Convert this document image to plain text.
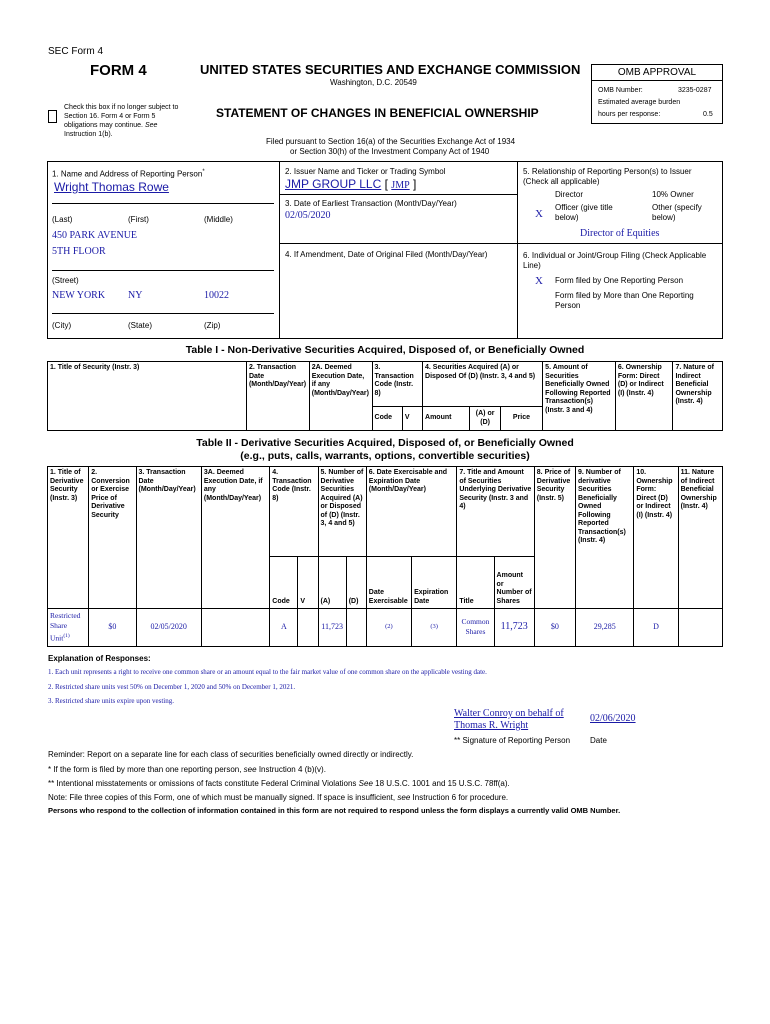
SEC Form 4
FORM 4	UNITED STATES SECURITIES AND EXCHANGE COMMISSION
Washington, D.C. 20549
Check this box if no longer subject to
Section 16. Form 4 or Form 5
obligations may continue. See
Instruction 1(b).
STATEMENT OF CHANGES IN BENEFICIAL OWNERSHIP
Filed pursuant to Section 16(a) of the Securities Exchange Act of 1934
or Section 30(h) of the Investment Company Act of 1940
OMB APPROVAL
OMB Number:	3235-0287
Estimated average burden
hours per response:	0.5
1. Name and Address of Reporting Person*
Wright Thomas Rowe
(Last)	(First)	(Middle)
450 PARK AVENUE
5TH FLOOR
(Street)
NEW YORK NY	10022
(City)	(State)	(Zip)
2. Issuer Name and Ticker or Trading Symbol
JMP GROUP LLC [ JMP ]
3. Date of Earliest Transaction (Month/Day/Year)
02/05/2020
4. If Amendment, Date of Original Filed (Month/Day/Year)
5. Relationship of Reporting Person(s) to Issuer
(Check all applicable)
Director	10% Owner
X
Officer (give title
below)
Other (specify
below)
Director of Equities
6. Individual or Joint/Group Filing (Check Applicable
Line)
X Form filed by One Reporting Person
Form filed by More than One Reporting
Person
Table I - Non-Derivative Securities Acquired, Disposed of, or Beneficially Owned
1. Title of Security (Instr. 3)	2. Transaction Date (Month/Day/Year)	2A. Deemed Execution Date, if any (Month/Day/Year)	3. Transaction Code (Instr. 8)		4. Securities Acquired (A) or Disposed Of (D) (Instr. 3, 4 and 5)			5. Amount of Securities Beneficially Owned Following Reported Transaction(s) (Instr. 3 and 4)	6. Ownership Form: Direct (D) or Indirect (I) (Instr. 4)	7. Nature of Indirect Beneficial Ownership (Instr. 4)
			Code	V	Amount	(A) or (D)	Price			
Table II - Derivative Securities Acquired, Disposed of, or Beneficially Owned
(e.g., puts, calls, warrants, options, convertible securities)
1. Title of Derivative Security (Instr. 3)	2. Conversion or Exercise Price of Derivative Security	3. Transaction Date (Month/Day/Year)	3A. Deemed Execution Date, if any (Month/Day/Year)	4. Transaction Code (Instr. 8)		5. Number of Derivative Securities Acquired (A) or Disposed of (D) (Instr. 3, 4 and 5)		6. Date Exercisable and Expiration Date (Month/Day/Year)		7. Title and Amount of Securities Underlying Derivative Security (Instr. 3 and 4)		8. Price of Derivative Security (Instr. 5)	9. Number of derivative Securities Beneficially Owned Following Reported Transaction(s) (Instr. 4)	10. Ownership Form: Direct (D) or Indirect (I) (Instr. 4)	11. Nature of Indirect Beneficial Ownership (Instr. 4)
				Code	V	(A)	(D)	Date Exercisable	Expiration Date	Title	Amount or Number of Shares				
Restricted Share Unit$^{(1)}$	$0	02/05/2020		A		11,723		(2)	(3)	Common Shares	11,723	$0	29,285	D	
Explanation of Responses:
1. Each unit represents a right to receive one common share or an amount equal to the fair market value of one common share on the applicable vesting date.
2. Restricted share units vest 50% on December 1, 2020 and 50% on December 1, 2021.
3. Restricted share units expire upon vesting.
Walter Conroy on behalf of
Thomas R. Wright
02/06/2020
** Signature of Reporting Person Date
Reminder: Report on a separate line for each class of securities beneficially owned directly or indirectly.
* If the form is filed by more than one reporting person, see Instruction 4 (b)(v).
** Intentional misstatements or omissions of facts constitute Federal Criminal Violations See 18 U.S.C. 1001 and 15 U.S.C. 78ff(a).
Note: File three copies of this Form, one of which must be manually signed. If space is insufficient, see Instruction 6 for procedure.
Persons who respond to the collection of information contained in this form are not required to respond unless the form displays a currently valid OMB Number.
